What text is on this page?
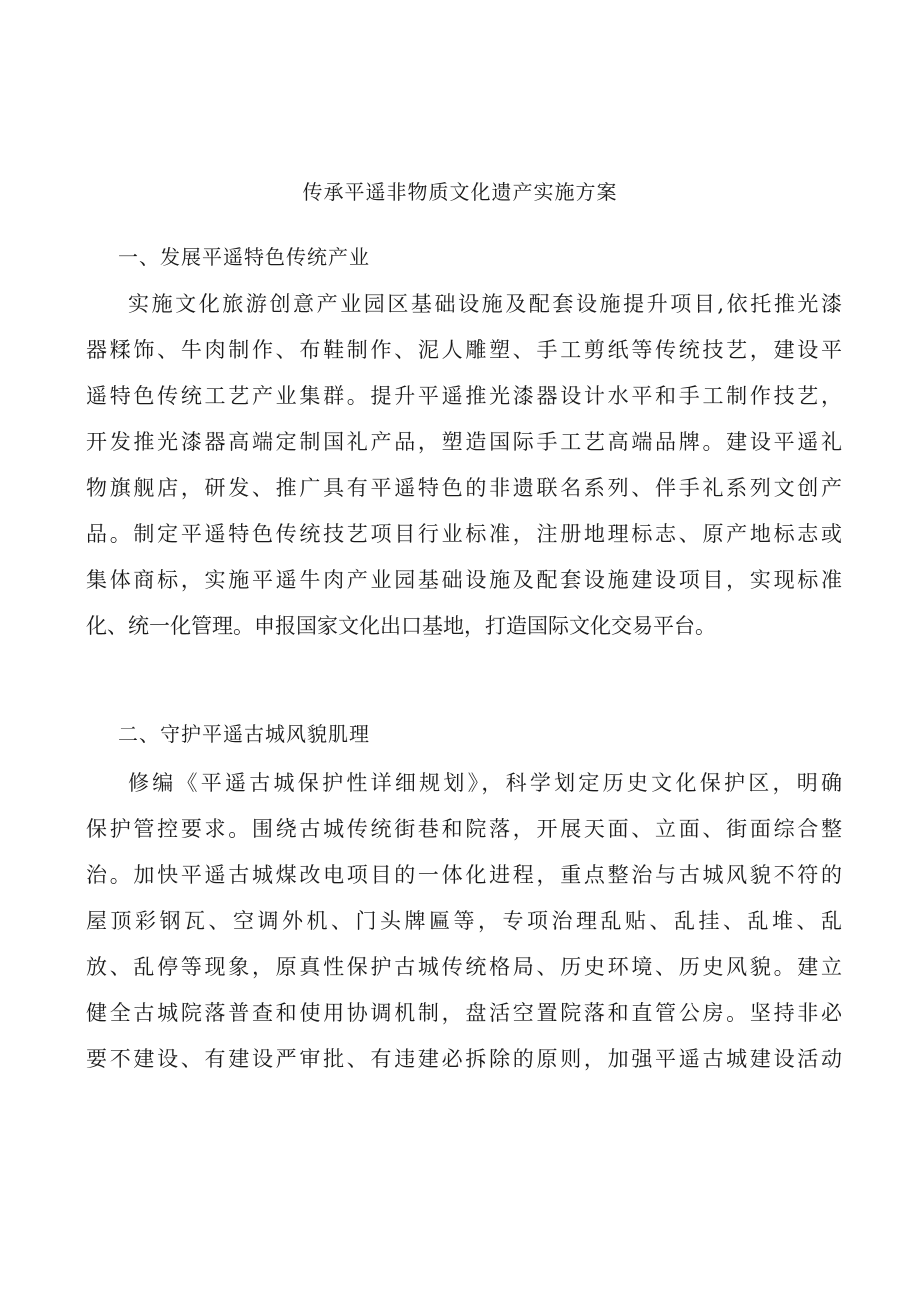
传承平遥非物质文化遗产实施方案
一、发展平遥特色传统产业
实施文化旅游创意产业园区基础设施及配套设施提升项目,依托推光漆
器糅饰、牛肉制作、布鞋制作、泥人雕塑、手工剪纸等传统技艺，建设平
遥特色传统工艺产业集群。提升平遥推光漆器设计水平和手工制作技艺，
开发推光漆器高端定制国礼产品，塑造国际手工艺高端品牌。建设平遥礼
物旗舰店，研发、推广具有平遥特色的非遗联名系列、伴手礼系列文创产
品。制定平遥特色传统技艺项目行业标准，注册地理标志、原产地标志或
集体商标，实施平遥牛肉产业园基础设施及配套设施建设项目，实现标准
化、统一化管理。申报国家文化出口基地，打造国际文化交易平台。
二、守护平遥古城风貌肌理
修编《平遥古城保护性详细规划》，科学划定历史文化保护区，明确
保护管控要求。围绕古城传统街巷和院落，开展天面、立面、街面综合整
治。加快平遥古城煤改电项目的一体化进程，重点整治与古城风貌不符的
屋顶彩钢瓦、空调外机、门头牌匾等，专项治理乱贴、乱挂、乱堆、乱
放、乱停等现象，原真性保护古城传统格局、历史环境、历史风貌。建立
健全古城院落普查和使用协调机制，盘活空置院落和直管公房。坚持非必
要不建设、有建设严审批、有违建必拆除的原则，加强平遥古城建设活动
